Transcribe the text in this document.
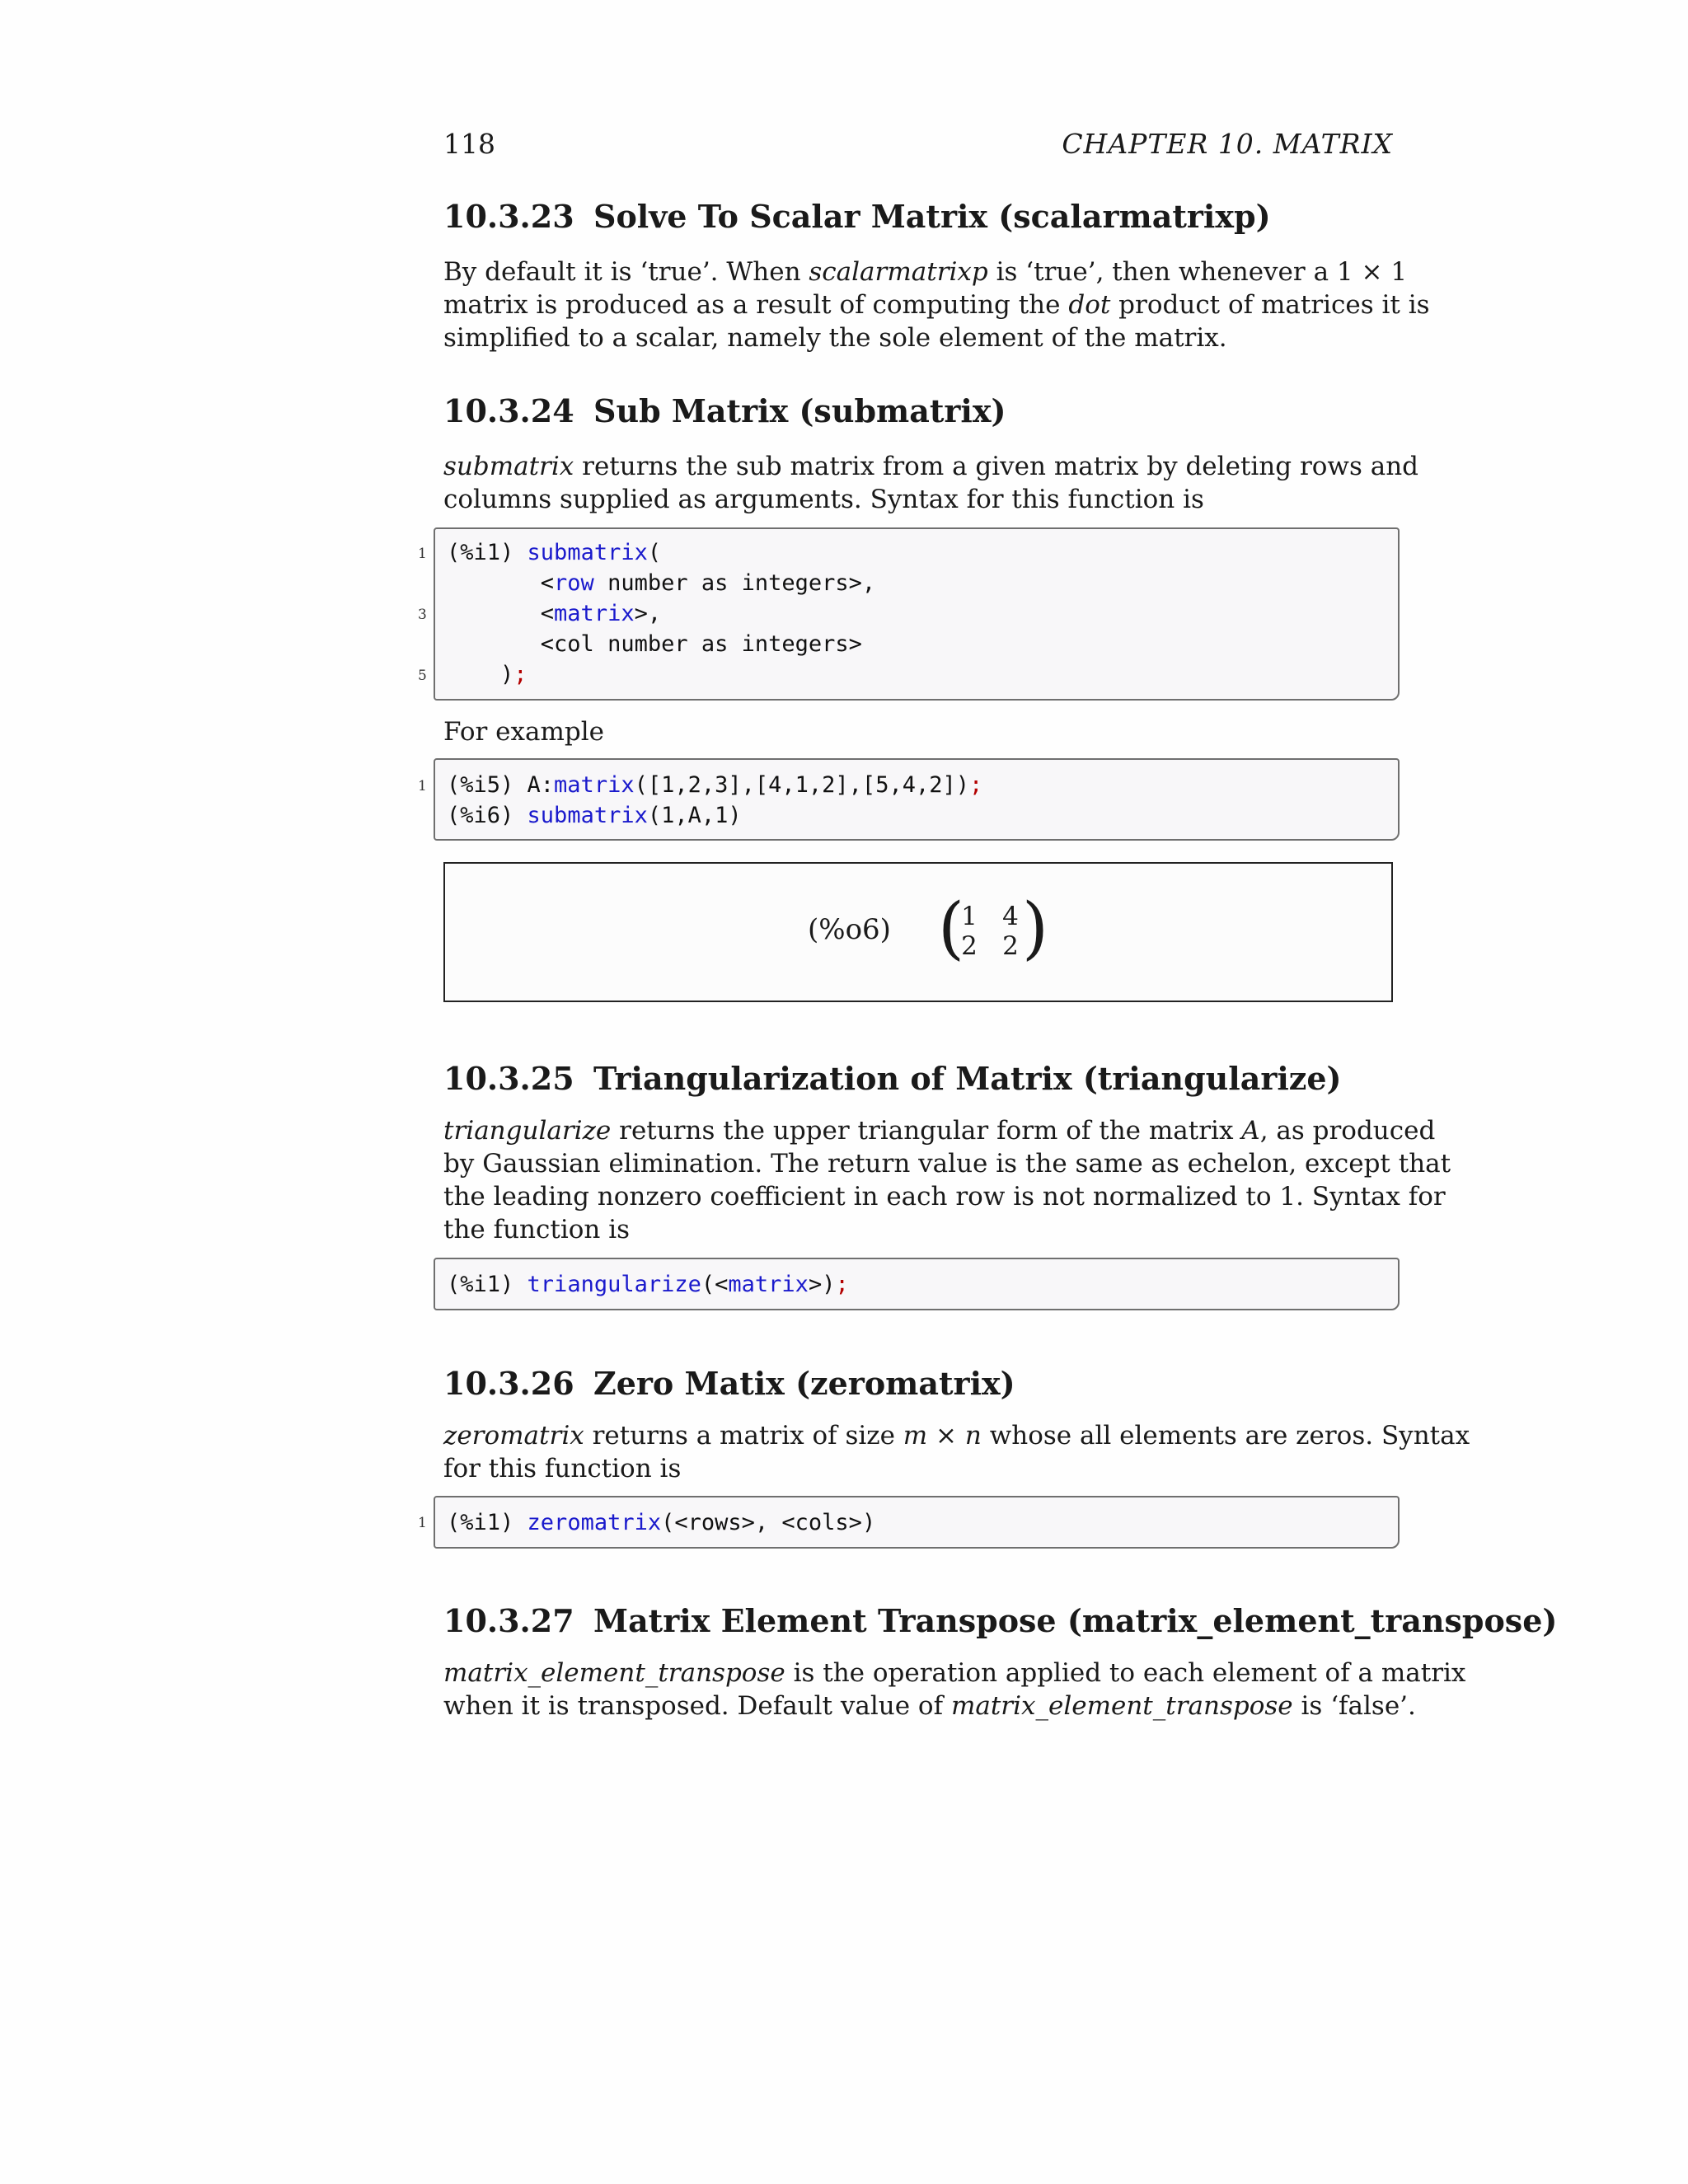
118	CHAPTER 10. MATRIX
10.3.23 Solve To Scalar Matrix (scalarmatrixp)
By default it is ‘true’. When scalarmatrixp is ‘true’, then whenever a 1 × 1
matrix is produced as a result of computing the dot product of matrices it is
simplified to a scalar, namely the sole element of the matrix.
10.3.24 Sub Matrix (submatrix)
submatrix returns the sub matrix from a given matrix by deleting rows and
columns supplied as arguments. Syntax for this function is
1
3
5
(%i1) submatrix(
<row number as integers>,
<matrix>,
<col number as integers>
);
For example
1 (%i5) A:matrix([1,2,3],[4,1,2],[5,4,2]);
(%i6) submatrix(1,A,1)
(%o6) (
1 4
2 2 )
10.3.25 Triangularization of Matrix (triangularize)
triangularize returns the upper triangular form of the matrix A, as produced
by Gaussian elimination. The return value is the same as echelon, except that
the leading nonzero coefficient in each row is not normalized to 1. Syntax for
the function is
(%i1) triangularize(<matrix>);
10.3.26 Zero Matix (zeromatrix)
zeromatrix returns a matrix of size m × n whose all elements are zeros. Syntax
for this function is
1 (%i1) zeromatrix(<rows>, <cols>)
10.3.27 Matrix Element Transpose (matrix_element_transpose)
matrix_element_transpose is the operation applied to each element of a matrix
when it is transposed. Default value of matrix_element_transpose is ‘false’.
